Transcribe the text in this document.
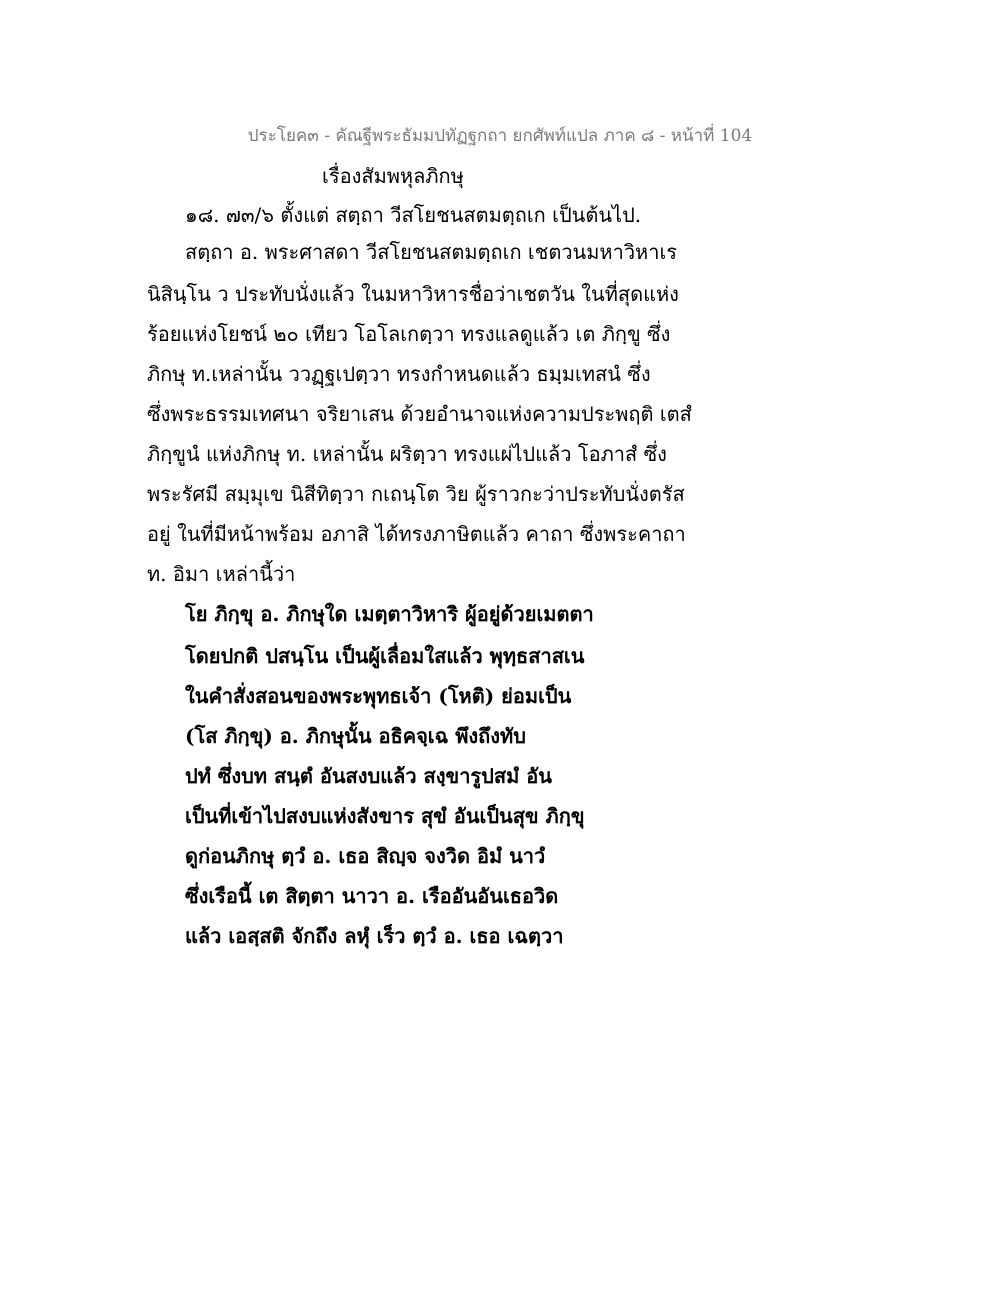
ประโยค๓ - คัณฐีพระธัมมปทัฏฐกถา ยกศัพท์แปล ภาค ๘ - หน้าที่ 104
เรื่องสัมพหุลภิกษุ
๑๘. ๗๓/๖ ตั้งแต่ สตฺถา วีสโยชนสตมตฺถเก เป็นต้นไป.
สตฺถา อ. พระศาสดา วีสโยชนสตมตฺถเก เชตวนมหาวิหาเร
นิสินฺโน ว ประทับนั่งแล้ว ในมหาวิหารชื่อว่าเชตวัน ในที่สุดแห่ง
ร้อยแห่งโยชน์ ๒๐ เทียว โอโลเกตฺวา ทรงแลดูแล้ว เต ภิกฺขู ซึ่ง
ภิกษุ ท.เหล่านั้น ววฏฺฐเปตฺวา ทรงกำหนดแล้ว ธมฺมเทสนํ ซึ่ง
ซึ่งพระธรรมเทศนา จริยาเสน ด้วยอำนาจแห่งความประพฤติ เตสํ
ภิกฺขูนํ แห่งภิกษุ ท. เหล่านั้น ผริตฺวา ทรงแผ่ไปแล้ว โอภาสํ ซึ่ง
พระรัศมี สมฺมุเข นิสีทิตฺวา กเถนฺโต วิย ผู้ราวกะว่าประทับนั่งตรัส
อยู่ ในที่มีหน้าพร้อม อภาสิ ได้ทรงภาษิตแล้ว คาถา ซึ่งพระคาถา
ท. อิมา เหล่านี้ว่า
โย ภิกฺขุ อ. ภิกษุใด เมตฺตาวิหาริ ผู้อยู่ด้วยเมตตา
โดยปกติ ปสนฺโน เป็นผู้เลื่อมใสแล้ว พุทฺธสาสเน
ในคำสั่งสอนของพระพุทธเจ้า (โหติ) ย่อมเป็น
(โส ภิกฺขุ) อ. ภิกษุนั้น อธิคจฺเฉ พึงถึงทับ
ปทํ ซึ่งบท สนฺตํ อันสงบแล้ว สงฺขารูปสมํ อัน
เป็นที่เข้าไปสงบแห่งสังขาร สุขํ อันเป็นสุข ภิกฺขุ
ดูก่อนภิกษุ ตฺวํ อ. เธอ สิญฺจ จงวิด อิมํ นาวํ
ซึ่งเรือนี้ เต สิตฺตา นาวา อ. เรืออันอันเธอวิด
แล้ว เอสฺสติ จักถึง ลหุํ เร็ว ตฺวํ อ. เธอ เฉตฺวา
